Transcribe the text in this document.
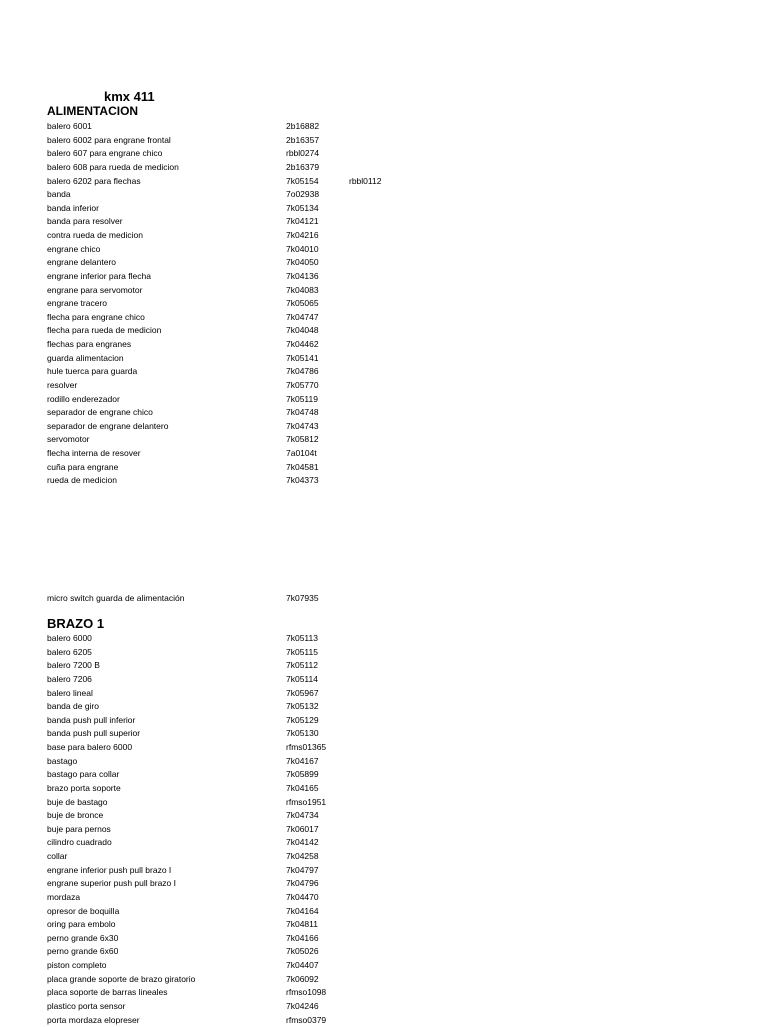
kmx 411
ALIMENTACION
balero 6001	2b16882
balero 6002 para engrane frontal	2b16357
balero 607 para engrane chico	rbbl0274
balero 608 para rueda de medicion	2b16379
balero 6202 para flechas	7k05154	rbbl0112
banda	7o02938
banda inferior	7k05134
banda para resolver	7k04121
contra rueda de medicion	7k04216
engrane chico	7k04010
engrane delantero	7k04050
engrane inferior para flecha	7k04136
engrane para servomotor	7k04083
engrane tracero	7k05065
flecha para engrane chico	7k04747
flecha para rueda de medicion	7k04048
flechas para engranes	7k04462
guarda alimentacion	7k05141
hule tuerca para guarda	7k04786
resolver	7k05770
rodillo enderezador	7k05119
separador de engrane chico	7k04748
separador de engrane delantero	7k04743
servomotor	7k05812
flecha interna de resover	7a0104t
cuña para engrane	7k04581
rueda de medicion	7k04373
micro switch guarda de alimentación	7k07935
BRAZO 1
balero 6000	7k05113
balero 6205	7k05115
balero 7200 B	7k05112
balero 7206	7k05114
balero lineal	7k05967
banda de giro	7k05132
banda push pull inferior	7k05129
banda push pull superior	7k05130
base para balero 6000	rfms01365
bastago	7k04167
bastago para collar	7k05899
brazo porta soporte	7k04165
buje de bastago	rfmso1951
buje de bronce	7k04734
buje para pernos	7k06017
cilindro cuadrado	7k04142
collar	7k04258
engrane inferior push pull brazo I	7k04797
engrane superior push pull brazo I	7k04796
mordaza	7k04470
opresor de boquilla	7k04164
oring para embolo	7k04811
perno grande 6x30	7k04166
perno grande 6x60	7k05026
piston completo	7k04407
placa grande soporte de brazo giratorio	7k06092
placa soporte de barras lineales	rfmso1098
plastico porta sensor	7k04246
porta mordaza elopreser	rfmso0379
